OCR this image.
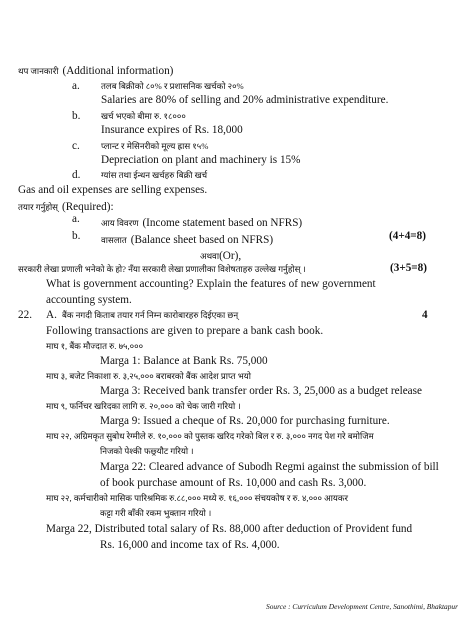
थप जानकारी (Additional information)
a. तलब बिक्रीको ८०% र प्रशासनिक खर्चको २०%
Salaries are 80% of selling and 20% administrative expenditure.
b. खर्च भएको बीमा रु. १८०००
Insurance expires of Rs. 18,000
c. प्लान्ट र मेसिनरीको मूल्य ह्रास १५%
Depreciation on plant and machinery is 15%
d. ग्यांस तथा ईन्धन खर्चहरु बिक्री खर्च
Gas and oil expenses are selling expenses.
तयार गर्नुहोस् (Required):
a. आय विवरण (Income statement based on NFRS)
b. वासलात (Balance sheet based on NFRS)	(4+4=8)
अथवा(Or),
सरकारी लेखा प्रणाली भनेको के हो? नँया सरकारी लेखा प्रणालीका विशेषताहरु उल्लेख गर्नुहोस् ।	(3+5=8)
What is government accounting? Explain the features of new government
accounting system.
22. A. बैंक नगदी किताब तयार गर्न निम्न कारोबारहरु दिईएका छन्	4
Following transactions are given to prepare a bank cash book.
माघ १, बैंक मौज्दात रु. ७५,०००
Marga 1: Balance at Bank Rs. 75,000
माघ ३, बजेट निकाशा रु. ३,२५,००० बराबरको बैंक आदेश प्राप्त भयो
Marga 3: Received bank transfer order Rs. 3, 25,000 as a budget release
माघ ९, फर्निचर खरिदका लागि रु. २०,००० को चेक जारी गरियो ।
Marga 9: Issued a cheque of Rs. 20,000 for purchasing furniture.
माघ २२, अग्रिमकृत सुबोध रेग्मीले रु. १०,००० को पुस्तक खरिद गरेको बिल र रु. ३,००० नगद पेश गरे बमोजिम
निजको पेश्की फछ्र्यौट गरियो ।
Marga 22: Cleared advance of Subodh Regmi against the submission of bill
of book purchase amount of Rs. 10,000 and cash Rs. 3,000.
माघ २२, कर्मचारीको मासिक पारिश्रमिक रु.८८,००० मध्ये रु. १६,००० संचयकोष र रु. ४,००० आयकर
कट्टा गरी बाँकी रकम भुक्तान गरियो ।
Marga 22, Distributed total salary of Rs. 88,000 after deduction of Provident fund
Rs. 16,000 and income tax of Rs. 4,000.
Source : Curriculum Development Centre, Sanothimi, Bhaktapur
